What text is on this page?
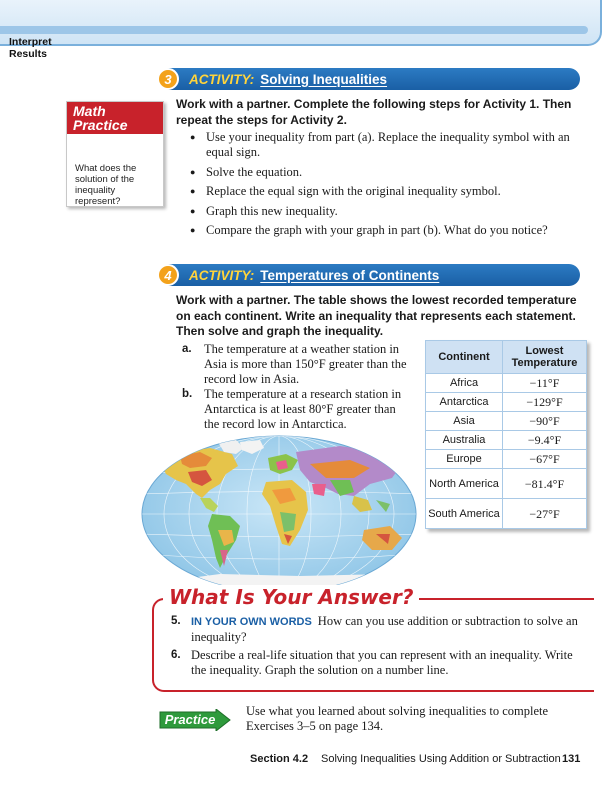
3	ACTIVITY: Solving Inequalities
Math
Practice
Interpret
Results
What does the solution of the inequality represent?
Work with a partner. Complete the following steps for Activity 1. Then repeat the steps for Activity 2.
● Use your inequality from part (a). Replace the inequality symbol with an equal sign.
● Solve the equation.
● Replace the equal sign with the original inequality symbol.
● Graph this new inequality.
● Compare the graph with your graph in part (b). What do you notice?
4	ACTIVITY: Temperatures of Continents
Work with a partner. The table shows the lowest recorded temperature on each continent. Write an inequality that represents each statement. Then solve and graph the inequality.
a. The temperature at a weather station in Asia is more than 150°F greater than the record low in Asia.
b. The temperature at a research station in Antarctica is at least 80°F greater than the record low in Antarctica.
Continent	Lowest Temperature
Africa	−11°F
Antarctica	−129°F
Asia	−90°F
Australia	−9.4°F
Europe	−67°F
North America	−81.4°F
South America	−27°F
What Is Your Answer?
5. IN YOUR OWN WORDS How can you use addition or subtraction to solve an inequality?
6. Describe a real-life situation that you can represent with an inequality. Write the inequality. Graph the solution on a number line.
Practice
Use what you learned about solving inequalities to complete Exercises 3–5 on page 134.
Section 4.2 Solving Inequalities Using Addition or Subtraction 131
